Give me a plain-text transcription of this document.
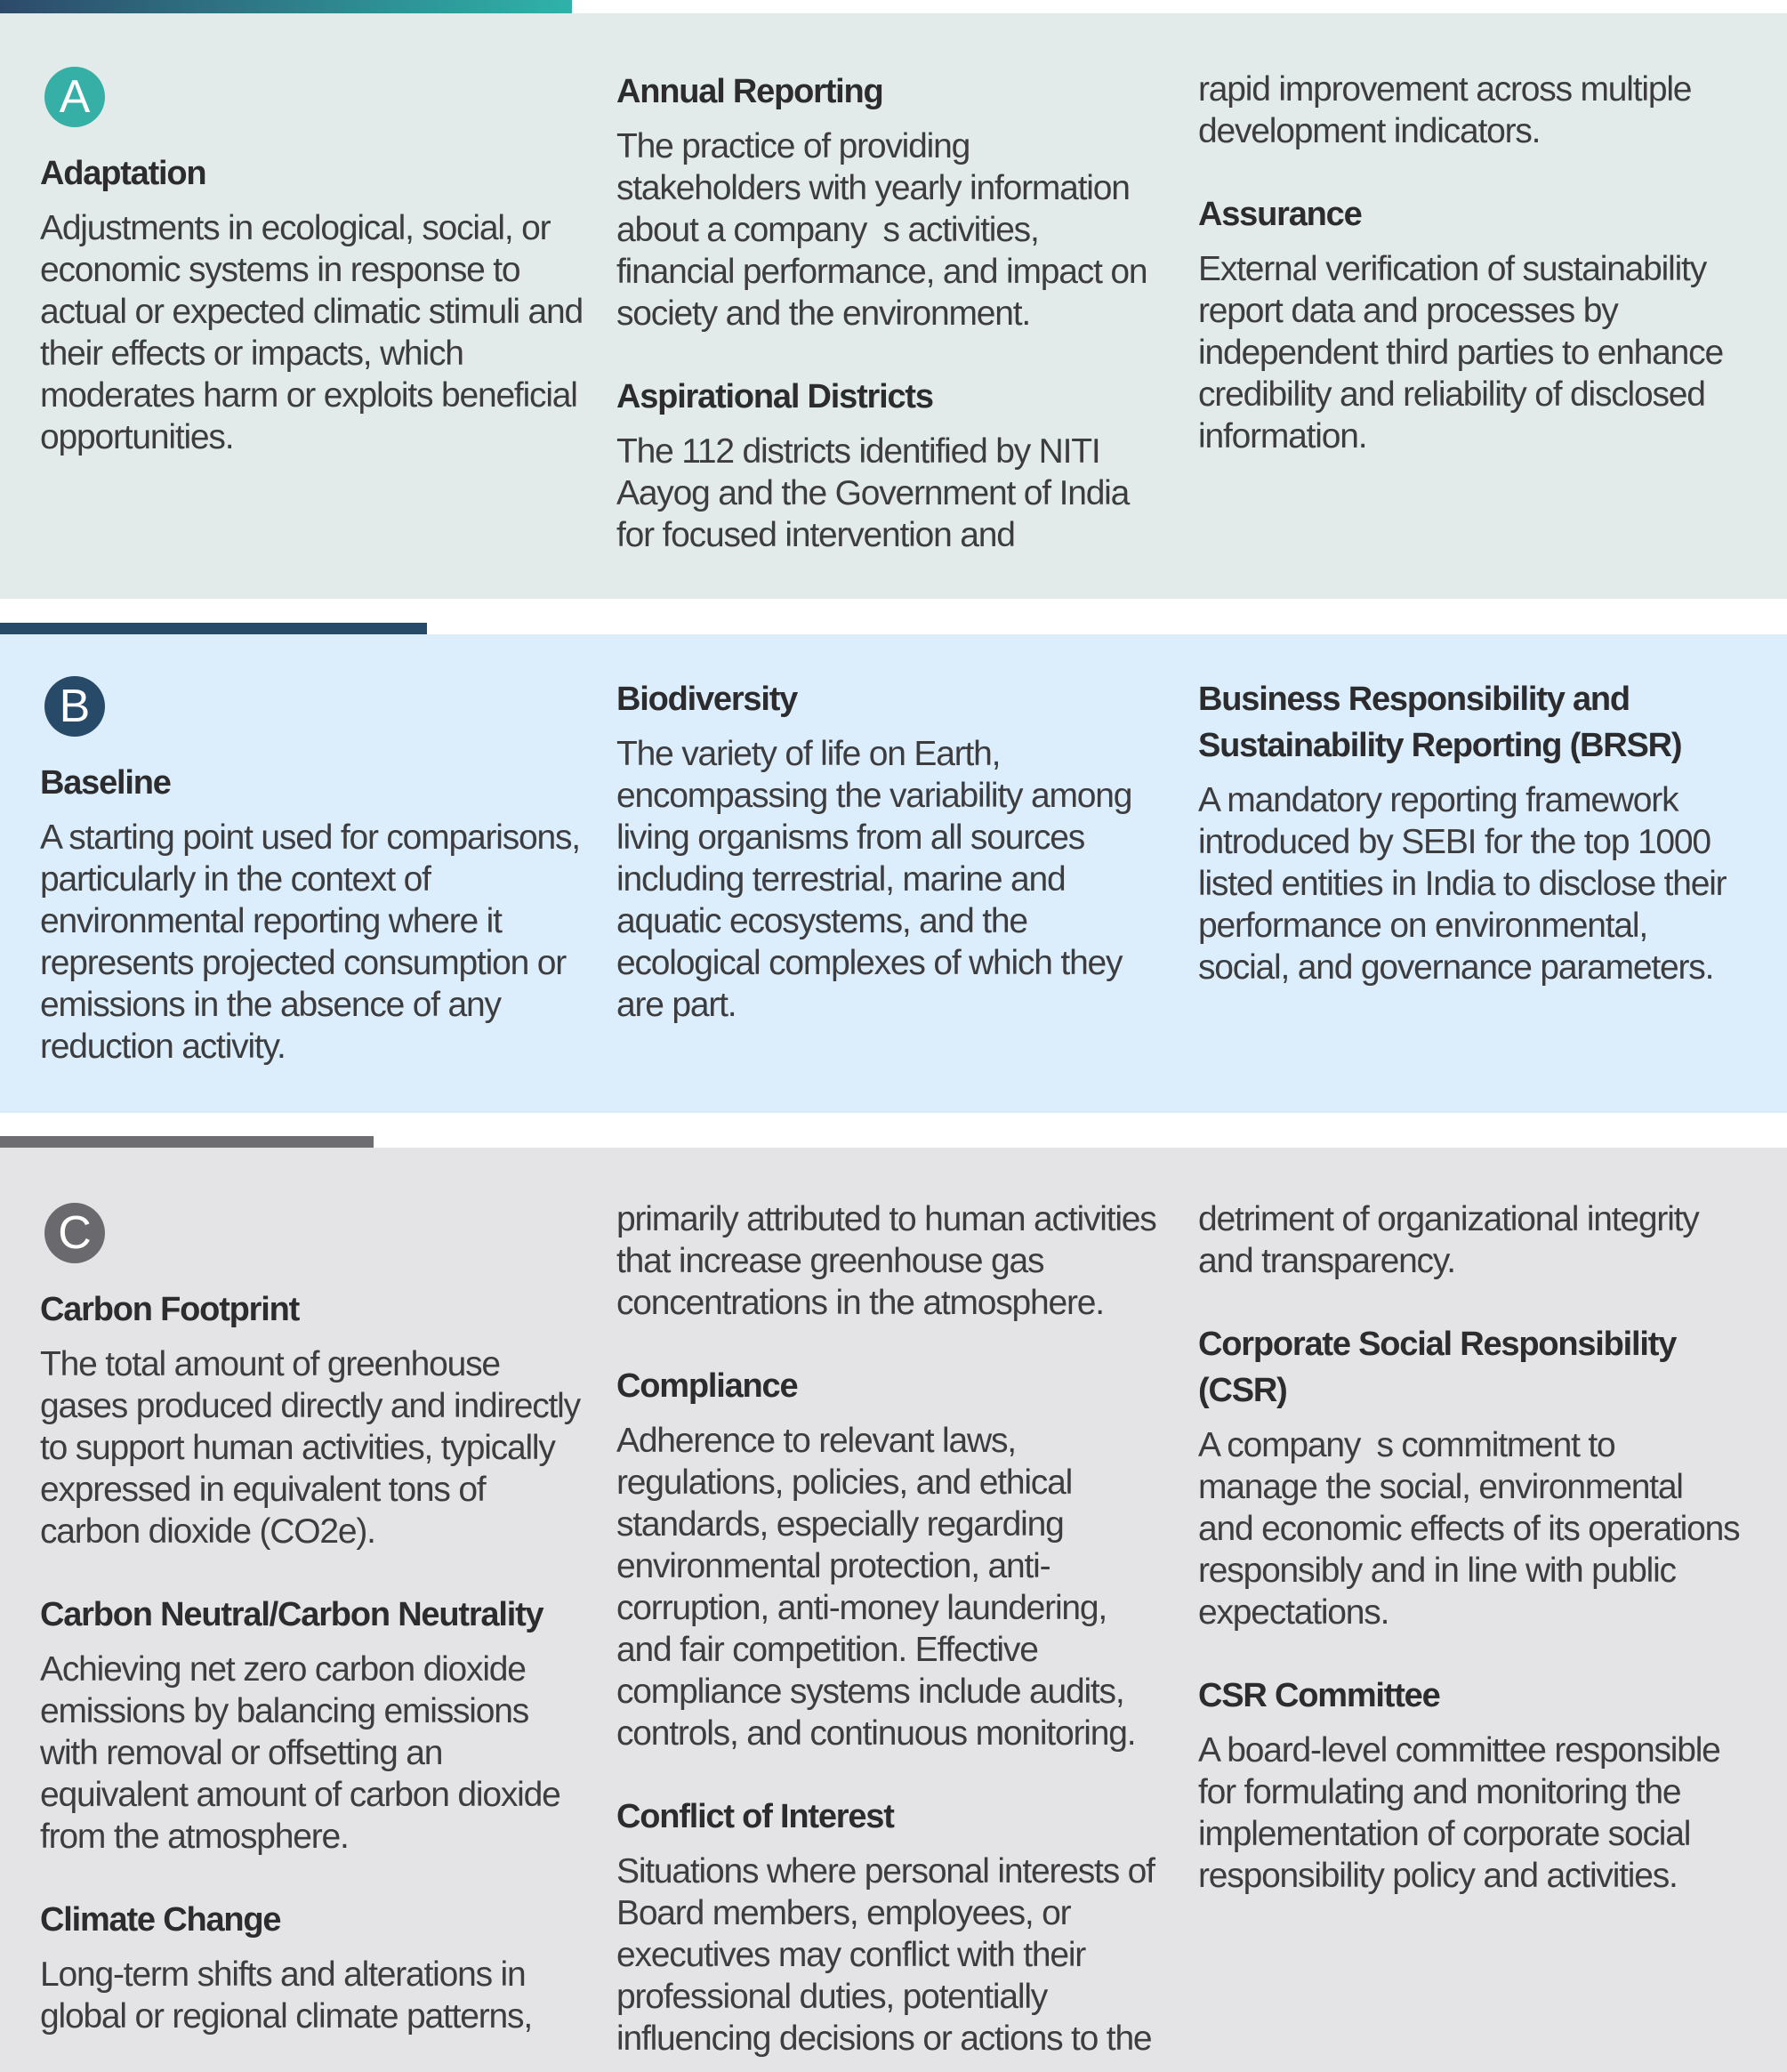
A
Adaptation

Adjustments in ecological, social, or economic systems in response to actual or expected climatic stimuli and their effects or impacts, which moderates harm or exploits beneficial opportunities.

Annual Reporting

The practice of providing stakeholders with yearly information about a company s activities, financial performance, and impact on society and the environment.

Aspirational Districts

The 112 districts identified by NITI Aayog and the Government of India for focused intervention and

rapid improvement across multiple development indicators.

Assurance

External verification of sustainability report data and processes by independent third parties to enhance credibility and reliability of disclosed information.

B
Baseline

A starting point used for comparisons, particularly in the context of environmental reporting where it represents projected consumption or emissions in the absence of any reduction activity.

Biodiversity

The variety of life on Earth, encompassing the variability among living organisms from all sources including terrestrial, marine and aquatic ecosystems, and the ecological complexes of which they are part.

Business Responsibility and Sustainability Reporting (BRSR)

A mandatory reporting framework introduced by SEBI for the top 1000 listed entities in India to disclose their performance on environmental, social, and governance parameters.

C
Carbon Footprint

The total amount of greenhouse gases produced directly and indirectly to support human activities, typically expressed in equivalent tons of carbon dioxide (CO2e).

Carbon Neutral/Carbon Neutrality

Achieving net zero carbon dioxide emissions by balancing emissions with removal or offsetting an equivalent amount of carbon dioxide from the atmosphere.

Climate Change

Long-term shifts and alterations in global or regional climate patterns,

primarily attributed to human activities that increase greenhouse gas concentrations in the atmosphere.

Compliance

Adherence to relevant laws, regulations, policies, and ethical standards, especially regarding environmental protection, anti-corruption, anti-money laundering, and fair competition. Effective compliance systems include audits, controls, and continuous monitoring.

Conflict of Interest

Situations where personal interests of Board members, employees, or executives may conflict with their professional duties, potentially influencing decisions or actions to the

detriment of organizational integrity and transparency.

Corporate Social Responsibility (CSR)

A company s commitment to manage the social, environmental and economic effects of its operations responsibly and in line with public expectations.

CSR Committee

A board-level committee responsible for formulating and monitoring the implementation of corporate social responsibility policy and activities.
